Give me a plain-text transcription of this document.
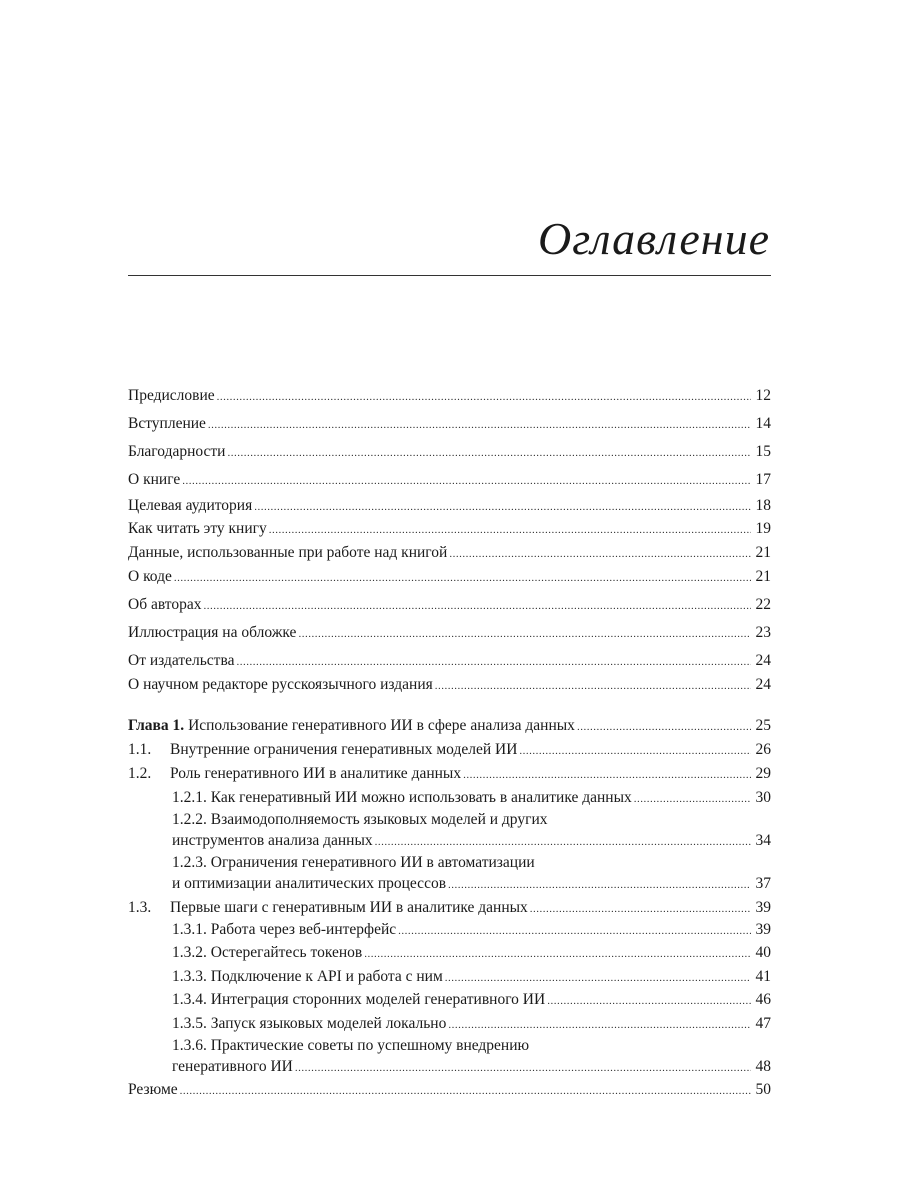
Оглавление
Предисловие .....	12
Вступление .....	14
Благодарности .....	15
О книге .....	17
Целевая аудитория .....	18
Как читать эту книгу .....	19
Данные, использованные при работе над книгой .....	21
О коде .....	21
Об авторах .....	22
Иллюстрация на обложке .....	23
От издательства .....	24
О научном редакторе русскоязычного издания .....	24
Глава 1. Использование генеративного ИИ в сфере анализа данных .....	25
1.1.	Внутренние ограничения генеративных моделей ИИ .....	26
1.2.	Роль генеративного ИИ в аналитике данных .....	29
1.2.1. Как генеративный ИИ можно использовать в аналитике данных .....	30
1.2.2. Взаимодополняемость языковых моделей и других
инструментов анализа данных .....	34
1.2.3. Ограничения генеративного ИИ в автоматизации
и оптимизации аналитических процессов .....	37
1.3.	Первые шаги с генеративным ИИ в аналитике данных .....	39
1.3.1. Работа через веб-интерфейс .....	39
1.3.2. Остерегайтесь токенов .....	40
1.3.3. Подключение к API и работа с ним .....	41
1.3.4. Интеграция сторонних моделей генеративного ИИ .....	46
1.3.5. Запуск языковых моделей локально .....	47
1.3.6. Практические советы по успешному внедрению
генеративного ИИ .....	48
Резюме .....	50
